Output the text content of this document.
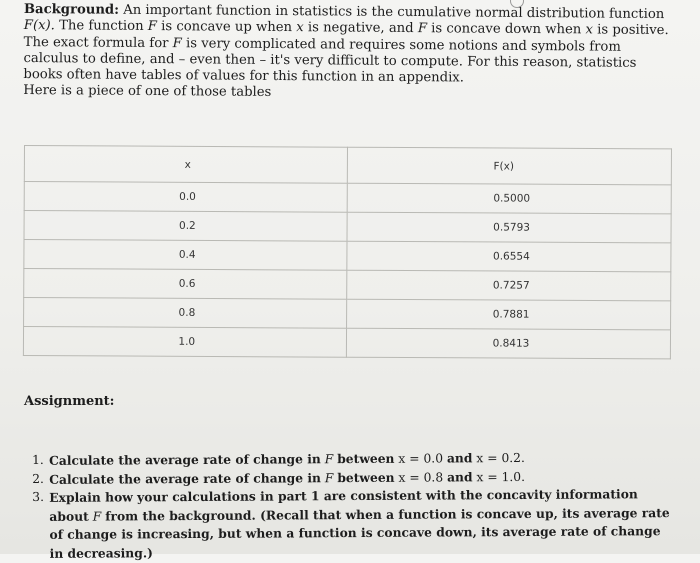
Background: An important function in statistics is the cumulative normal distribution function F(x). The function F is concave up when x is negative, and F is concave down when x is positive. The exact formula for F is very complicated and requires some notions and symbols from calculus to define, and – even then – it's very difficult to compute. For this reason, statistics books often have tables of values for this function in an appendix.
Here is a piece of one of those tables

x	F(x)
0.0	0.5000
0.2	0.5793
0.4	0.6554
0.6	0.7257
0.8	0.7881
1.0	0.8413

Assignment:

1. Calculate the average rate of change in F between x = 0.0 and x = 0.2.
2. Calculate the average rate of change in F between x = 0.8 and x = 1.0.
3. Explain how your calculations in part 1 are consistent with the concavity information about F from the background. (Recall that when a function is concave up, its average rate of change is increasing, but when a function is concave down, its average rate of change in decreasing.)
